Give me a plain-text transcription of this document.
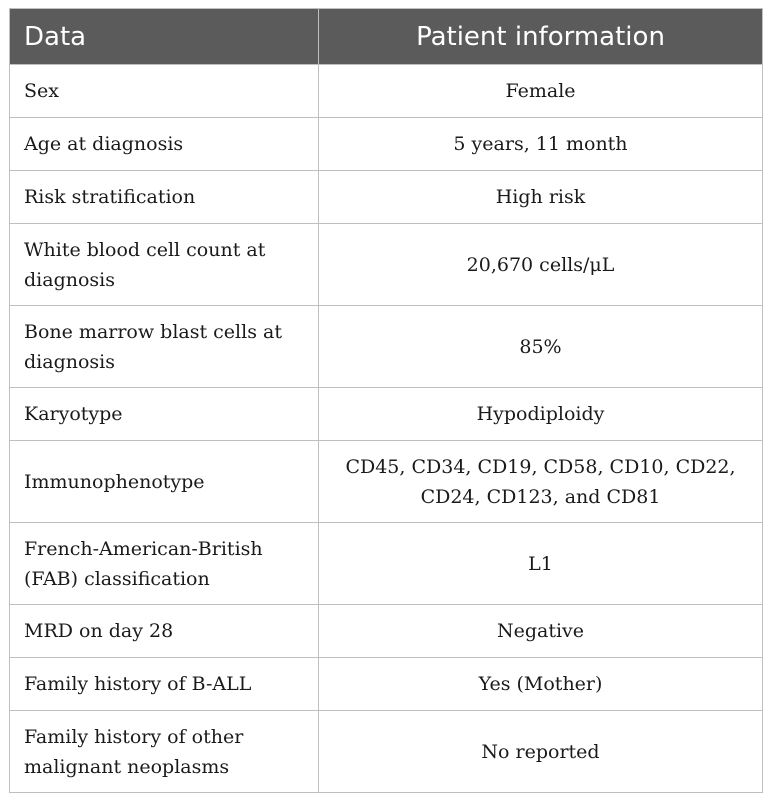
Data	Patient information
Sex	Female
Age at diagnosis	5 years, 11 month
Risk stratification	High risk
White blood cell count at diagnosis	20,670 cells/μL
Bone marrow blast cells at diagnosis	85%
Karyotype	Hypodiploidy
Immunophenotype	CD45, CD34, CD19, CD58, CD10, CD22, CD24, CD123, and CD81
French-American-British (FAB) classification	L1
MRD on day 28	Negative
Family history of B-ALL	Yes (Mother)
Family history of other malignant neoplasms	No reported
